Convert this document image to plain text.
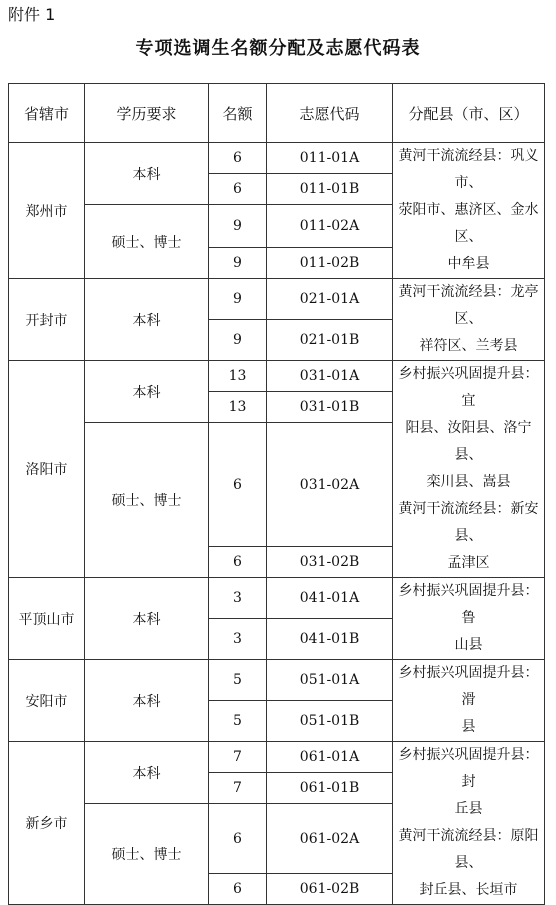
附件 1
专项选调生名额分配及志愿代码表
省辖市	学历要求	名额	志愿代码	分配县（市、区）
郑州市	本科	6	011-01A	黄河干流流经县：巩义市、
荥阳市、惠济区、金水区、
中牟县

		6	011-01B	
	硕士、博士	9	011-02A	
		9	011-02B	
开封市	本科	9	021-01A	黄河干流流经县：龙亭区、
祥符区、兰考县

		9	021-01B	
洛阳市	本科	13	031-01A	乡村振兴巩固提升县：宜
阳县、汝阳县、洛宁县、
栾川县、嵩县
黄河干流流经县：新安县、
孟津区

		13	031-01B	
	硕士、博士	6	031-02A	
		6	031-02B	
平顶山市	本科	3	041-01A	乡村振兴巩固提升县：鲁
山县

		3	041-01B	
安阳市	本科	5	051-01A	乡村振兴巩固提升县：滑
县

		5	051-01B	
新乡市	本科	7	061-01A	乡村振兴巩固提升县：封
丘县
黄河干流流经县：原阳县、
封丘县、长垣市

		7	061-01B	
	硕士、博士	6	061-02A	
		6	061-02B	
